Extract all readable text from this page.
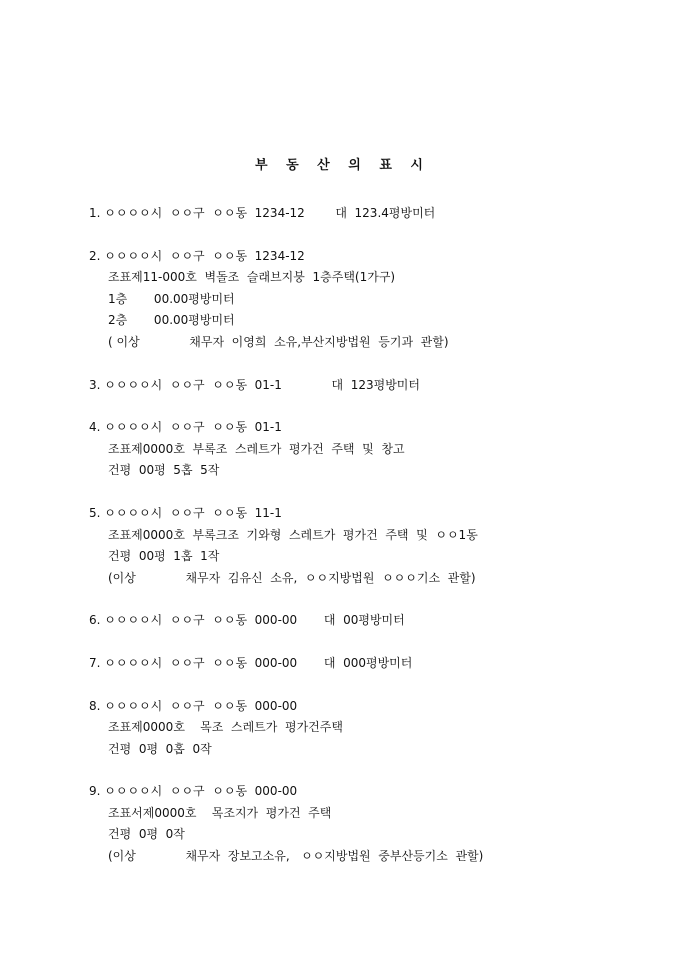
부 동 산 의 표 시
1. ㅇㅇㅇㅇ시  ㅇㅇ구  ㅇㅇ동  1234-12        대  123.4평방미터
2. ㅇㅇㅇㅇ시  ㅇㅇ구  ㅇㅇ동  1234-12
조표제11-000호  벽돌조  슬래브지붕  1층주택(1가구)
1층       00.00평방미터
2층       00.00평방미터
( 이상             채무자  이영희  소유,부산지방법원  등기과  관할)
3. ㅇㅇㅇㅇ시  ㅇㅇ구  ㅇㅇ동  01-1             대  123평방미터
4. ㅇㅇㅇㅇ시  ㅇㅇ구  ㅇㅇ동  01-1
조표제0000호  부록조  스레트가  평가건  주택  및  창고
건평  00평  5홉  5작
5. ㅇㅇㅇㅇ시  ㅇㅇ구  ㅇㅇ동  11-1
조표제0000호  부록크조  기와형  스레트가  평가건  주택  및  ㅇㅇ1동
건평  00평  1홉  1작
(이상             채무자  김유신  소유,  ㅇㅇ지방법원  ㅇㅇㅇ기소  관할)
6. ㅇㅇㅇㅇ시  ㅇㅇ구  ㅇㅇ동  000-00       대  00평방미터
7. ㅇㅇㅇㅇ시  ㅇㅇ구  ㅇㅇ동  000-00       대  000평방미터
8. ㅇㅇㅇㅇ시  ㅇㅇ구  ㅇㅇ동  000-00
조표제0000호    목조  스레트가  평가건주택
건평  0평  0홉  0작
9. ㅇㅇㅇㅇ시  ㅇㅇ구  ㅇㅇ동  000-00
조표서제0000호    목조지가  평가건  주택
건평  0평  0작
(이상             채무자  장보고소유,   ㅇㅇ지방법원  중부산등기소  관할)
